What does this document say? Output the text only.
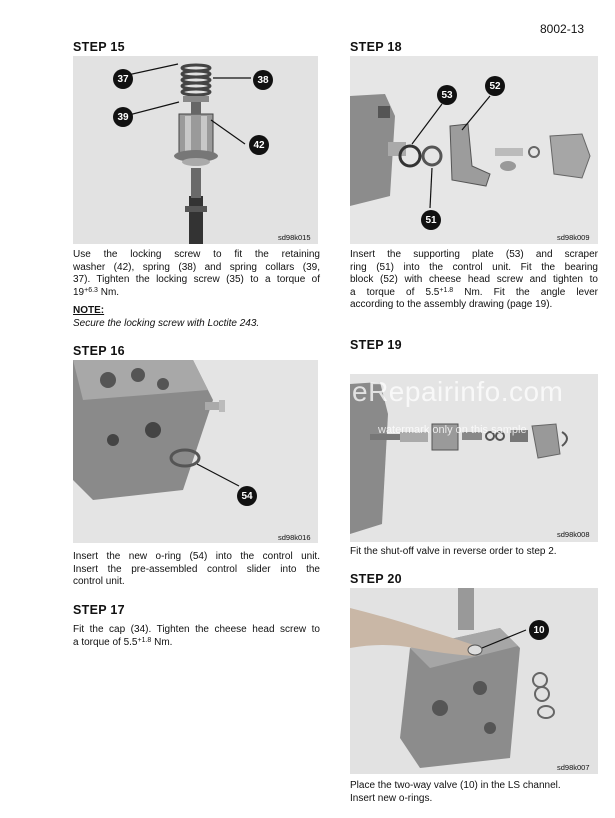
8002-13
STEP 15
37	38
39
42
sd98k015
Use the locking screw to fit the retaining
washer (42), spring (38) and spring collars (39,
37). Tighten the locking screw (35) to a torque of
$19^{+6.3}$ Nm.
NOTE:
Secure the locking screw with Loctite 243.
STEP 16
54
sd98k016
Insert the new o-ring (54) into the control unit.
Insert the pre-assembled control slider into the
control unit.
STEP 17
Fit the cap (34). Tighten the cheese head screw to
a torque of $5.5^{+1.8}$ Nm.
STEP 18
53
52
51
sd98k009
Insert the supporting plate (53) and scraper
ring (51) into the control unit. Fit the bearing
block (52) with cheese head screw and tighten to
a torque of $5.5^{+1.8}$ Nm. Fit the angle lever
according to the assembly drawing (page 19).
STEP 19
eRepairinfo.com
watermark only on this sample
sd98k008
Fit the shut-off valve in reverse order to step 2.
STEP 20
10
sd98k007
Place the two-way valve (10) in the LS channel.
Insert new o-rings.
